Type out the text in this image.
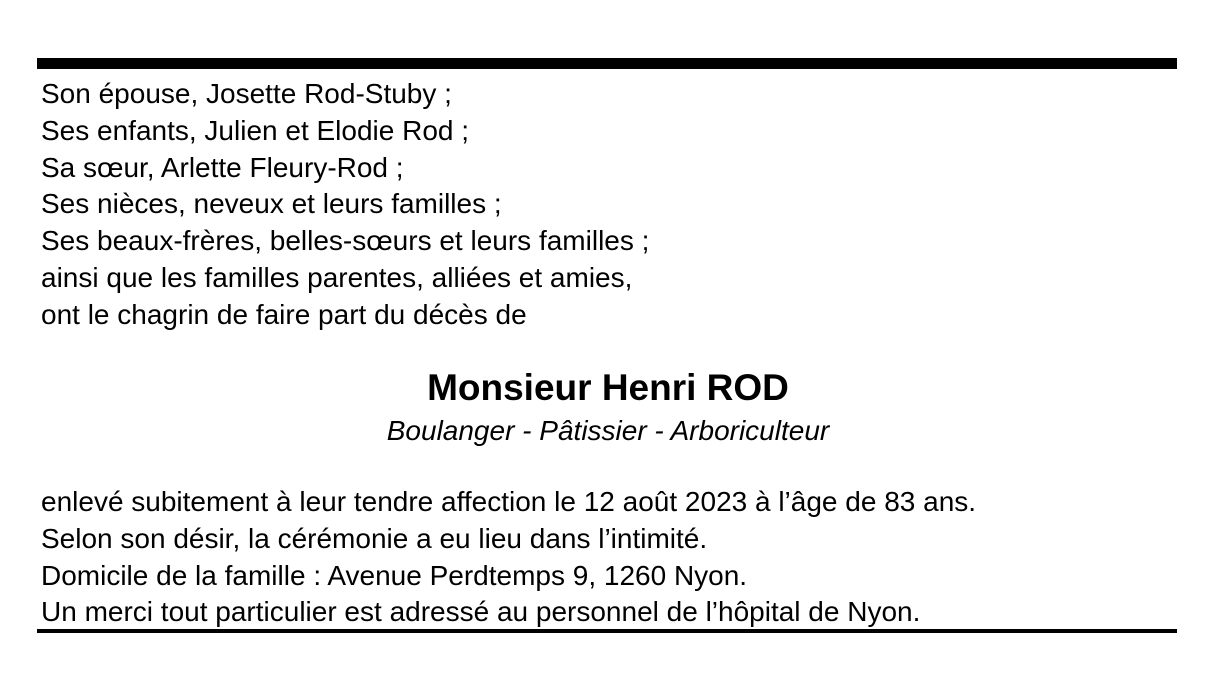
Son épouse, Josette Rod-Stuby ;
Ses enfants, Julien et Elodie Rod ;
Sa sœur, Arlette Fleury-Rod ;
Ses nièces, neveux et leurs familles ;
Ses beaux-frères, belles-sœurs et leurs familles ;
ainsi que les familles parentes, alliées et amies,
ont le chagrin de faire part du décès de
Monsieur Henri ROD
Boulanger - Pâtissier - Arboriculteur
enlevé subitement à leur tendre affection le 12 août 2023 à l’âge de 83 ans.
Selon son désir, la cérémonie a eu lieu dans l’intimité.
Domicile de la famille : Avenue Perdtemps 9, 1260 Nyon.
Un merci tout particulier est adressé au personnel de l’hôpital de Nyon.
